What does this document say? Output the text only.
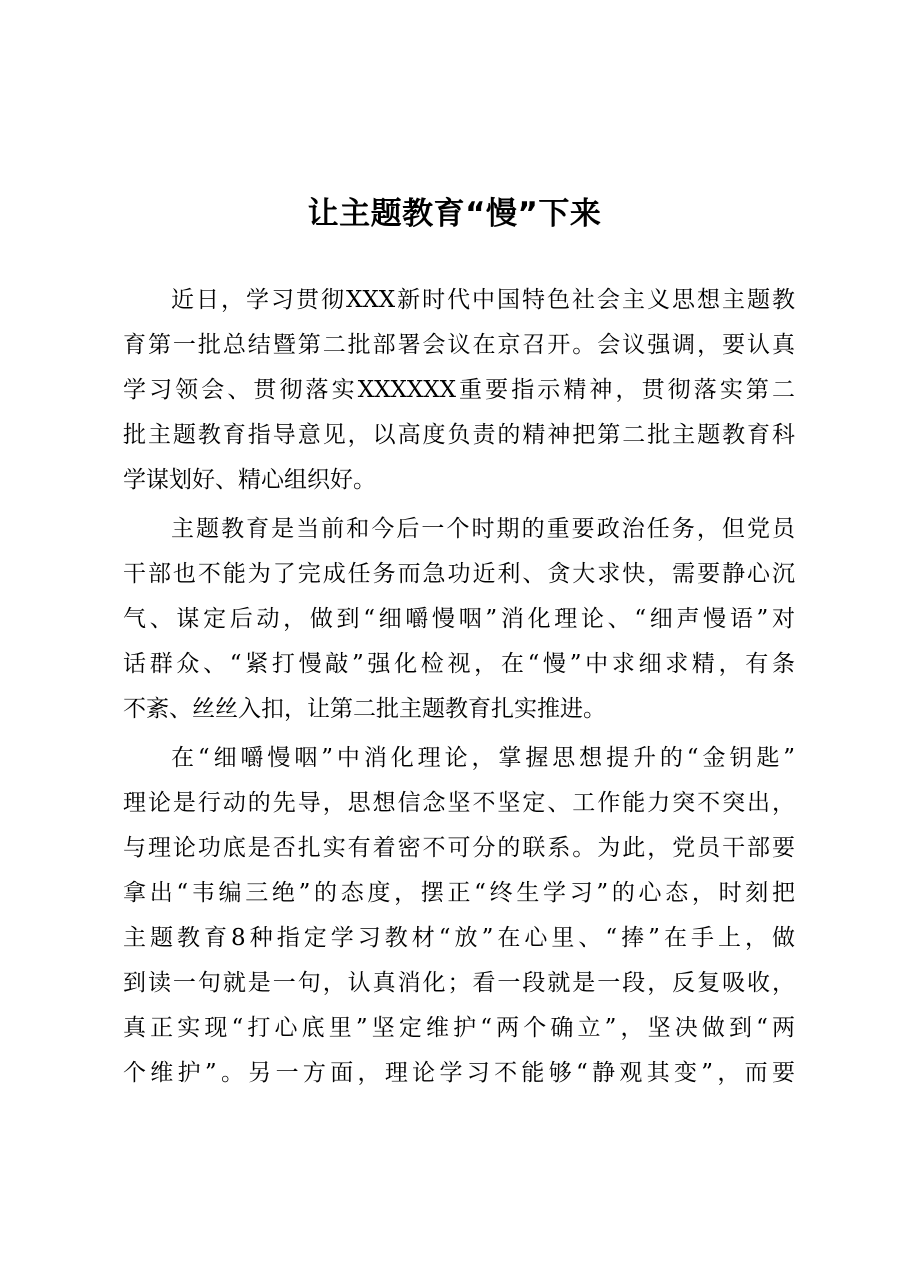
让主题教育“慢”下来
近日，学习贯彻XXX新时代中国特色社会主义思想主题教
育第一批总结暨第二批部署会议在京召开。会议强调，要认真
学习领会、贯彻落实XXXXXX重要指示精神，贯彻落实第二
批主题教育指导意见，以高度负责的精神把第二批主题教育科
学谋划好、精心组织好。
主题教育是当前和今后一个时期的重要政治任务，但党员
干部也不能为了完成任务而急功近利、贪大求快，需要静心沉
气、谋定后动，做到“细嚼慢咽”消化理论、“细声慢语”对
话群众、“紧打慢敲”强化检视，在“慢”中求细求精，有条
不紊、丝丝入扣，让第二批主题教育扎实推进。
在“细嚼慢咽”中消化理论，掌握思想提升的“金钥匙”
理论是行动的先导，思想信念坚不坚定、工作能力突不突出，
与理论功底是否扎实有着密不可分的联系。为此，党员干部要
拿出“韦编三绝”的态度，摆正“终生学习”的心态，时刻把
主题教育8种指定学习教材“放”在心里、“捧”在手上，做
到读一句就是一句，认真消化；看一段就是一段，反复吸收，
真正实现“打心底里”坚定维护“两个确立”，坚决做到“两
个维护”。另一方面，理论学习不能够“静观其变”，而要
